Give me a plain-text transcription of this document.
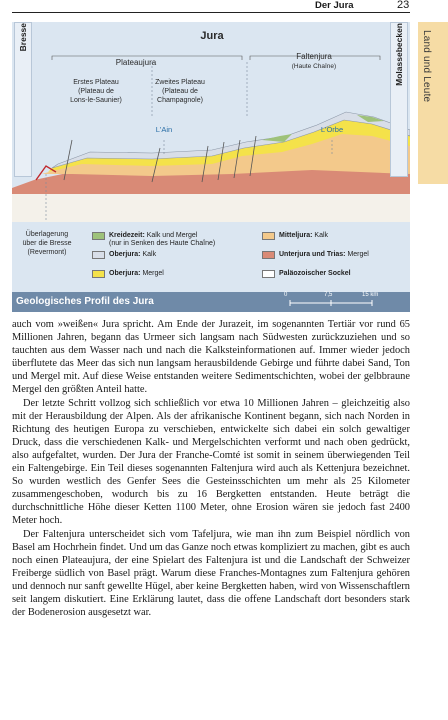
Der Jura	23
Land und Leute
Bresse	Molassebecken
Jura
Plateaujura
Faltenjura
(Haute Chaîne)
Erstes Plateau
(Plateau de
Lons-le-Saunier)
Zweites Plateau
(Plateau de
Champagnole)
L'Ain	L'Orbe
Überlagerung
über die Bresse
(Revermont)
Kreidezeit: Kalk und Mergel
(nur in Senken des Haute Chaîne)
Mitteljura: Kalk
Oberjura: Kalk	Unterjura und Trias: Mergel
Oberjura: Mergel	Paläozoischer Sockel
Geologisches Profil des Jura
0	7,5	15 km

auch vom »weißen« Jura spricht. Am Ende der Jurazeit, im sogenannten Tertiär vor rund 65 Millionen Jahren, begann das Urmeer sich langsam nach Südwesten zurückzuziehen und so tauchten aus dem Wasser nach und nach die Kalksteinformationen auf. Immer wieder jedoch überflutete das Meer das sich nun langsam herausbildende Gebirge und führte dabei Sand, Ton und Mergel mit. Auf diese Weise entstanden weitere Sedimentschichten, wobei der gelbbraune Mergel den größten Anteil hatte.

Der letzte Schritt vollzog sich schließlich vor etwa 10 Millionen Jahren – gleichzeitig also mit der Herausbildung der Alpen. Als der afrikanische Kontinent begann, sich nach Norden in Richtung des heutigen Europa zu verschieben, entwickelte sich dabei ein solch gewaltiger Druck, dass die verschiedenen Kalk- und Mergelschichten verformt und nach oben gedrückt, also aufgefaltet, wurden. Der Jura der Franche-Comté ist somit in seinem überwiegenden Teil ein Faltengebirge. Ein Teil dieses sogenannten Faltenjura wird auch als Kettenjura bezeichnet. So wurden westlich des Genfer Sees die Gesteinsschichten um mehr als 25 Kilometer zusammengeschoben, wodurch bis zu 16 Bergketten entstanden. Heute beträgt die durchschnittliche Höhe dieser Ketten 1100 Meter, ohne Erosion wären sie jedoch fast 2400 Meter hoch.

Der Faltenjura unterscheidet sich vom Tafeljura, wie man ihn zum Beispiel nördlich von Basel am Hochrhein findet. Und um das Ganze noch etwas kompliziert zu machen, gibt es auch noch einen Plateaujura, der eine Spielart des Faltenjura ist und die Landschaft der Schweizer Freiberge südlich von Basel prägt. Warum diese Franches-Montagnes zum Faltenjura gehören und dennoch nur sanft gewellte Hügel, aber keine Bergketten haben, wird von Wissenschaftlern seit langem diskutiert. Eine Erklärung lautet, dass die offene Landschaft dort besonders stark der Bodenerosion ausgesetzt war.
